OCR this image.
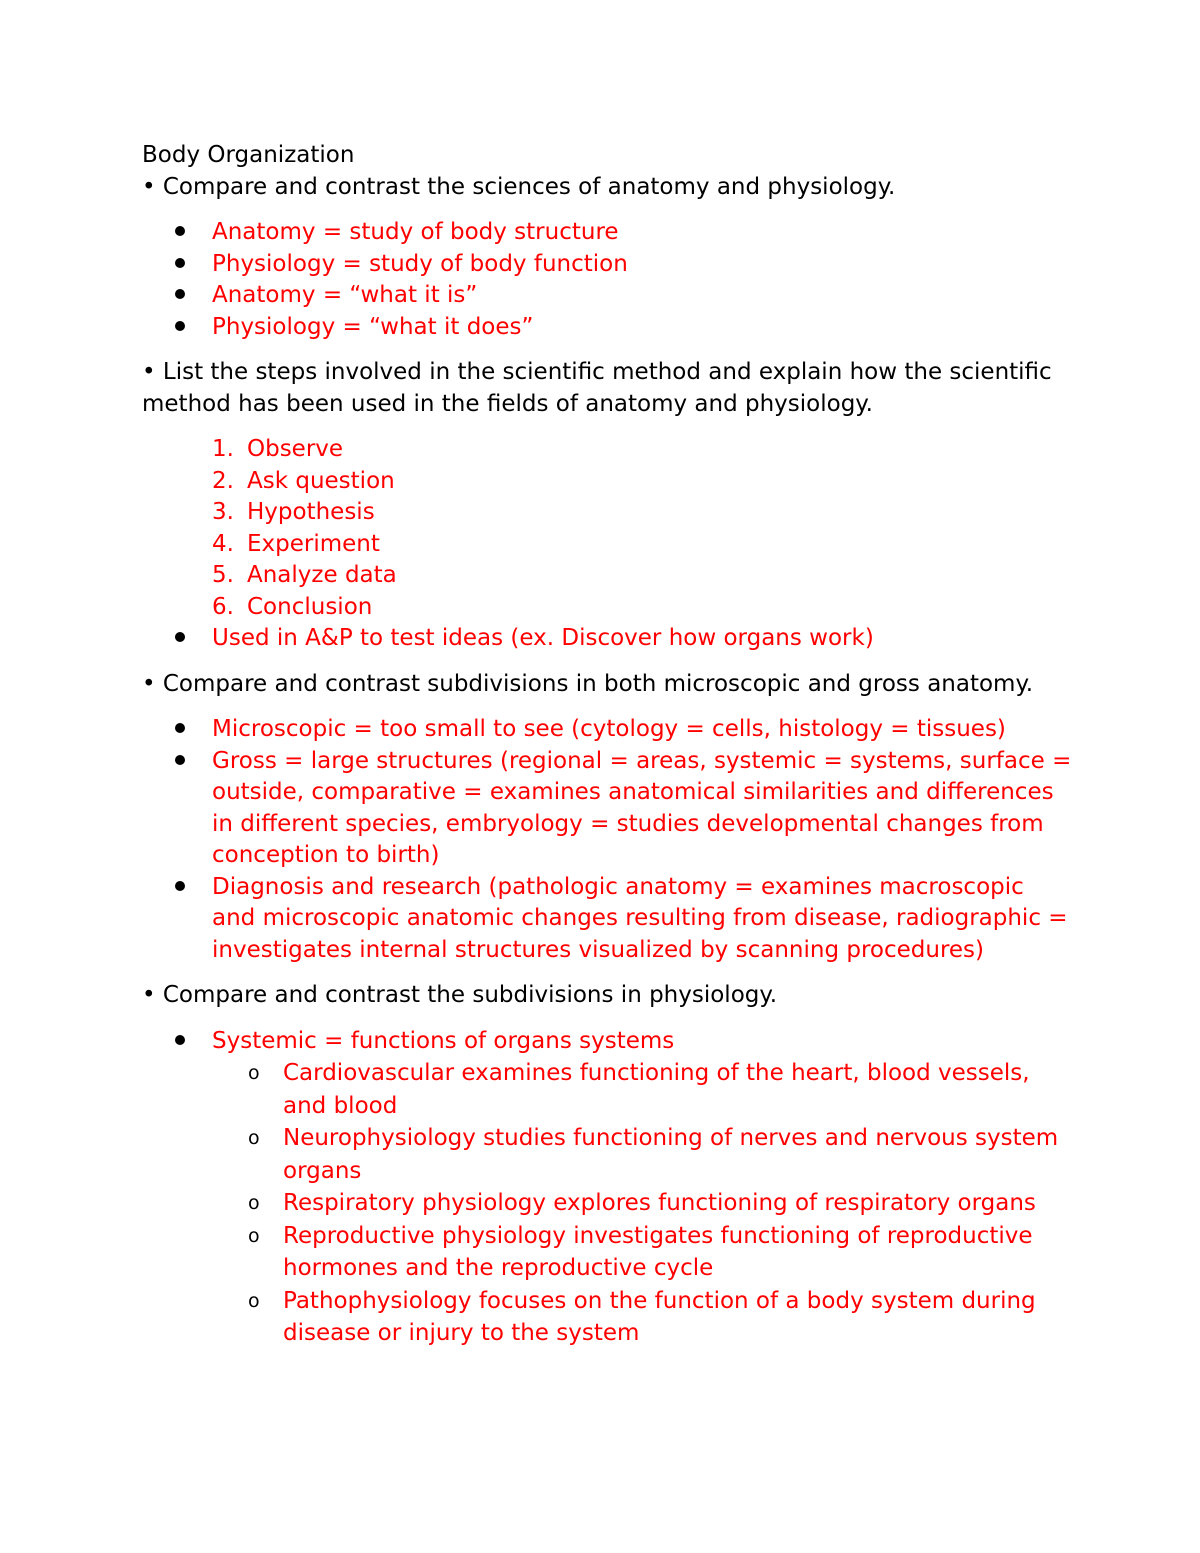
Body Organization
• Compare and contrast the sciences of anatomy and physiology.
Anatomy = study of body structure
Physiology = study of body function
Anatomy = “what it is”
Physiology = “what it does”
• List the steps involved in the scientific method and explain how the scientific method has been used in the fields of anatomy and physiology.
1. Observe
2. Ask question
3. Hypothesis
4. Experiment
5. Analyze data
6. Conclusion
Used in A&P to test ideas (ex. Discover how organs work)
• Compare and contrast subdivisions in both microscopic and gross anatomy.
Microscopic = too small to see (cytology = cells, histology = tissues)
Gross = large structures (regional = areas, systemic = systems, surface = outside, comparative = examines anatomical similarities and differences in different species, embryology = studies developmental changes from conception to birth)
Diagnosis and research (pathologic anatomy = examines macroscopic and microscopic anatomic changes resulting from disease, radiographic = investigates internal structures visualized by scanning procedures)
• Compare and contrast the subdivisions in physiology.
Systemic = functions of organs systems
o Cardiovascular examines functioning of the heart, blood vessels, and blood
o Neurophysiology studies functioning of nerves and nervous system organs
o Respiratory physiology explores functioning of respiratory organs
o Reproductive physiology investigates functioning of reproductive hormones and the reproductive cycle
o Pathophysiology focuses on the function of a body system during disease or injury to the system
